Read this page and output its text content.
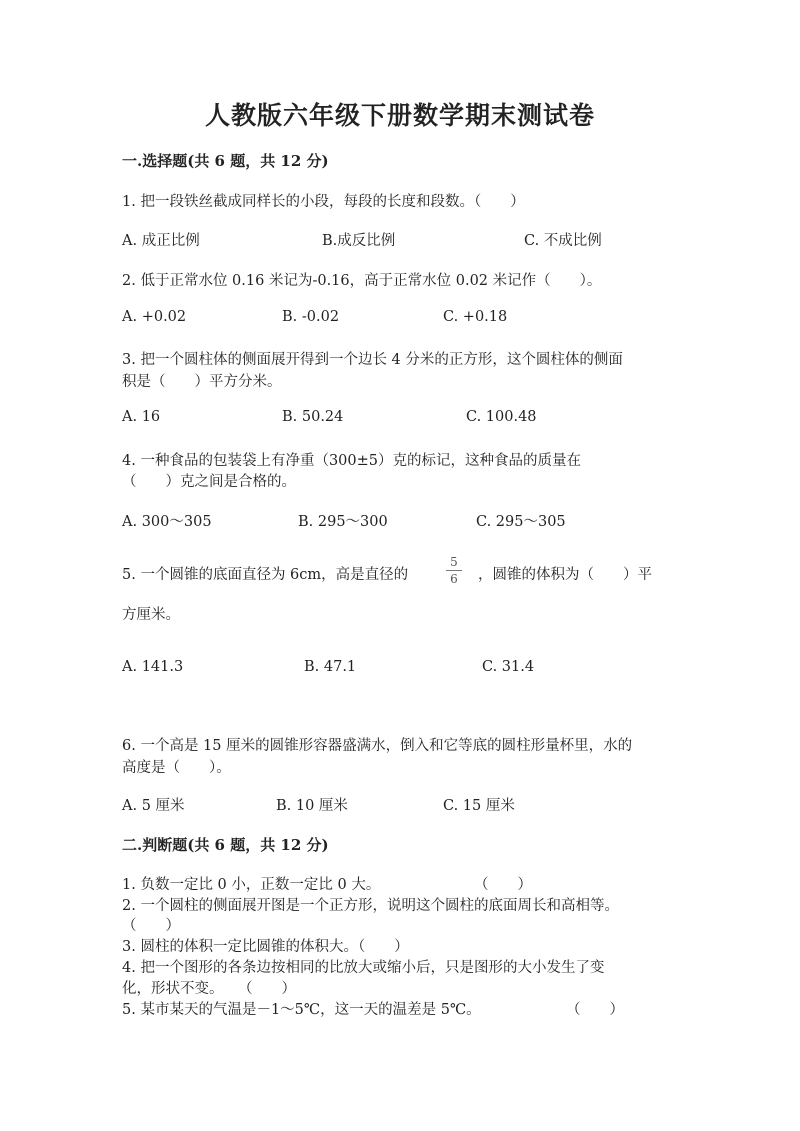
人教版六年级下册数学期末测试卷
一.选择题(共 6 题，共 12 分)
1. 把一段铁丝截成同样长的小段，每段的长度和段数。（　　）
A. 成正比例	B.成反比例	C. 不成比例
2. 低于正常水位 0.16 米记为-0.16，高于正常水位 0.02 米记作（　　）。
A. +0.02	B. -0.02	C. +0.18
3. 把一个圆柱体的侧面展开得到一个边长 4 分米的正方形，这个圆柱体的侧面
积是（　　）平方分米。
A. 16	B. 50.24	C. 100.48
4. 一种食品的包装袋上有净重（300±5）克的标记，这种食品的质量在
（　　）克之间是合格的。
A. 300～305	B. 295～300	C. 295～305
5. 一个圆锥的底面直径为 6cm，高是直径的
5
6 ，圆锥的体积为（　　）平
方厘米。
A. 141.3	B. 47.1	C. 31.4
6. 一个高是 15 厘米的圆锥形容器盛满水，倒入和它等底的圆柱形量杯里，水的
高度是（　　）。
A. 5 厘米	B. 10 厘米	C. 15 厘米
二.判断题(共 6 题，共 12 分)
1. 负数一定比 0 小，正数一定比 0 大。	（　　）
2. 一个圆柱的侧面展开图是一个正方形，说明这个圆柱的底面周长和高相等。
（　　）
3. 圆柱的体积一定比圆锥的体积大。（　　）
4. 把一个图形的各条边按相同的比放大或缩小后，只是图形的大小发生了变
化，形状不变。　　（　　）
5. 某市某天的气温是－1～5℃，这一天的温差是 5℃。	（　　）
